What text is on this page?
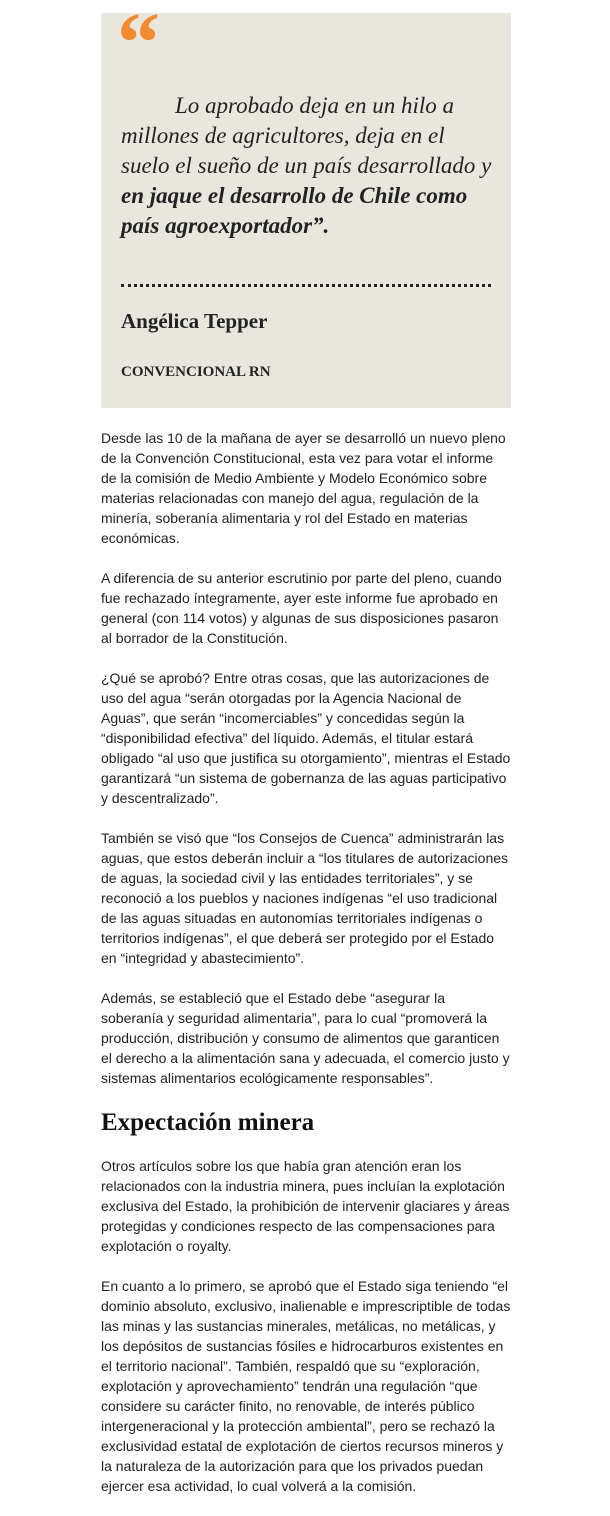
“

Lo aprobado deja en un hilo a millones de agricultores, deja en el suelo el sueño de un país desarrollado y en jaque el desarrollo de Chile como país agroexportador”.

Angélica Tepper
CONVENCIONAL RN

Desde las 10 de la mañana de ayer se desarrolló un nuevo pleno de la Convención Constitucional, esta vez para votar el informe de la comisión de Medio Ambiente y Modelo Económico sobre materias relacionadas con manejo del agua, regulación de la minería, soberanía alimentaria y rol del Estado en materias económicas.

A diferencia de su anterior escrutinio por parte del pleno, cuando fue rechazado íntegramente, ayer este informe fue aprobado en general (con 114 votos) y algunas de sus disposiciones pasaron al borrador de la Constitución.

¿Qué se aprobó? Entre otras cosas, que las autorizaciones de uso del agua “serán otorgadas por la Agencia Nacional de Aguas”, que serán “incomerciables” y concedidas según la “disponibilidad efectiva” del líquido. Además, el titular estará obligado “al uso que justifica su otorgamiento”, mientras el Estado garantizará “un sistema de gobernanza de las aguas participativo y descentralizado”.

También se visó que “los Consejos de Cuenca” administrarán las aguas, que estos deberán incluir a “los titulares de autorizaciones de aguas, la sociedad civil y las entidades territoriales”, y se reconoció a los pueblos y naciones indígenas “el uso tradicional de las aguas situadas en autonomías territoriales indígenas o territorios indígenas”, el que deberá ser protegido por el Estado en “integridad y abastecimiento”.

Además, se estableció que el Estado debe “asegurar la soberanía y seguridad alimentaria”, para lo cual “promoverá la producción, distribución y consumo de alimentos que garanticen el derecho a la alimentación sana y adecuada, el comercio justo y sistemas alimentarios ecológicamente responsables”.

Expectación minera

Otros artículos sobre los que había gran atención eran los relacionados con la industria minera, pues incluían la explotación exclusiva del Estado, la prohibición de intervenir glaciares y áreas protegidas y condiciones respecto de las compensaciones para explotación o royalty.

En cuanto a lo primero, se aprobó que el Estado siga teniendo “el dominio absoluto, exclusivo, inalienable e imprescriptible de todas las minas y las sustancias minerales, metálicas, no metálicas, y los depósitos de sustancias fósiles e hidrocarburos existentes en el territorio nacional”. También, respaldó que su “exploración, explotación y aprovechamiento” tendrán una regulación “que considere su carácter finito, no renovable, de interés público intergeneracional y la protección ambiental”, pero se rechazó la exclusividad estatal de explotación de ciertos recursos mineros y la naturaleza de la autorización para que los privados puedan ejercer esa actividad, lo cual volverá a la comisión.
